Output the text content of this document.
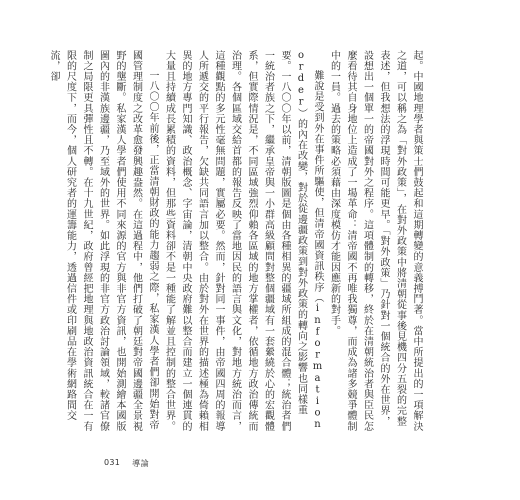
起。中國地理學者與策士們鼓起和這期轉變的意義搏鬥著。當中所提出的一項解決之道，可以稱之為「對外政策」，在對外政策中將清朝從事後見機四分五裂的完整表述，但我想法的浮現時間可能更早。「對外政策」乃針對一個統合的外在世界，設想出一個單一的帝國對外之程序。這項體制的轉移，終於在清朝統治者與臣民怎麼看待其自身地位上造成了一場革命：清帝國不再唯我獨尊，而成為諸多競爭體制中的一員。過去的策略必須藉由深度模仿才能因應新的對手。

難說是受到外在事件所驅使，但清帝國資訊秩序（information order）的內在改變，對於從邊疆政策到對外政策的轉向之影響也同樣重要。一八〇〇年以前，清朝版圖是個由各種相異的疆域所組成的混合體；統治者們一統治者族之下，繼承皇帝與一小群高級顧問對整個疆域有一套縈繞於心的宏觀體系，但實際情況是，不同區域強烈仰賴各區域的地方掌權者，依循地方政治傳統而治理。各個區域交給首都的報告反映了當地因民的語言與文化，對地方統治而言，這種觀點的多元性毫無問題，實屬必要。然而，針對同一事件，由帝國四周的報導人所遞交的平行報告，欠缺共同語言加以整合。由於對外在世界的描述極為倚賴相異的地方專門知識、政治概念、字宙論，清朝中央政府難以整合而建立一個連貫的大量且持續成長累積的資料，但那些資料卻不是一種能了解並且控制的整合世界。

一八〇〇年前後，正當清朝財政的能力趨弱之際，私家漢人學者們卻開始對帝國管理制度之改革愈發興趣盎然。在這過程中，他們打破了朝廷對帝國邊疆全景視野的壟斷。私家漢人學者們使用不同來源的官方與非官方資訊，也開始測繪本國版圖內的非漢族邊疆，乃至域外的世界。如此浮現的非官方政治討論領域，較諸官僚制之局限更具彈性且不轉。在十九世紀，政府曾經把地理與地政治資訊統合在一有限的尺度下，而今，個人研究者的運籌能力，透過信件或印刷品在學術網路間交流，卻

031 導論
